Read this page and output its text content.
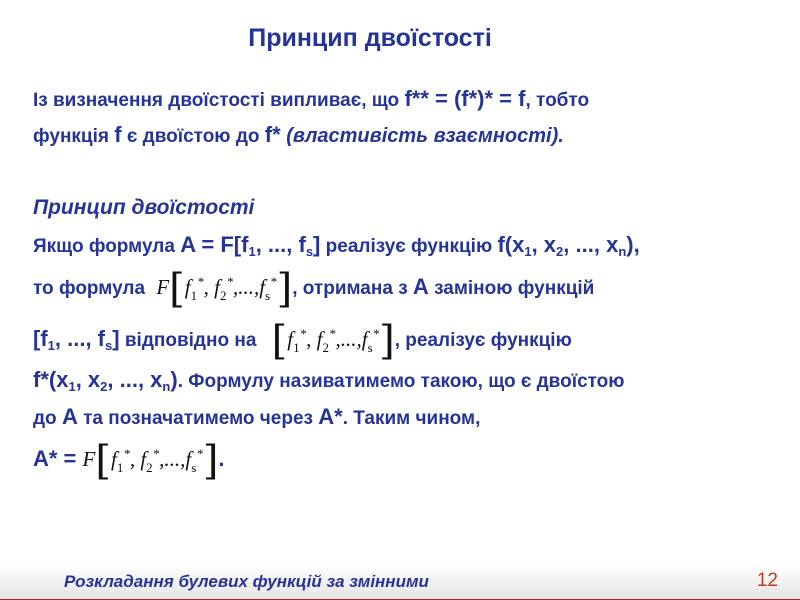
Принцип двоїстості
Із визначення двоїстості випливає, що f** = (f*)* = f, тобто
функція f є двоїстою до f* (властивість взаємності).
Принцип двоїстості
Якщо формула $A = F[f_1$, ..., $f_s$] реалізує функцію $f(x_1$, $x_2$, ..., $x_n$),
то формула $F[f_1^*$, $f_2^*,...,f_s^*$], отримана з A заміною функцій
[$f_1$, ..., $f_s$] відповідно на [$f_1^*$, $f_2^*,...,f_s^*$], реалізує функцію
$f*(x_1$, $x_2$, ..., $x_n$). Формулу називатимемо такою, що є двоїстою
до A та позначатимемо через A*. Таким чином,
$A* = F[f_1^*$, $f_2^*,...,f_s^*$].
Розкладання булевих функцій за змінними	12
